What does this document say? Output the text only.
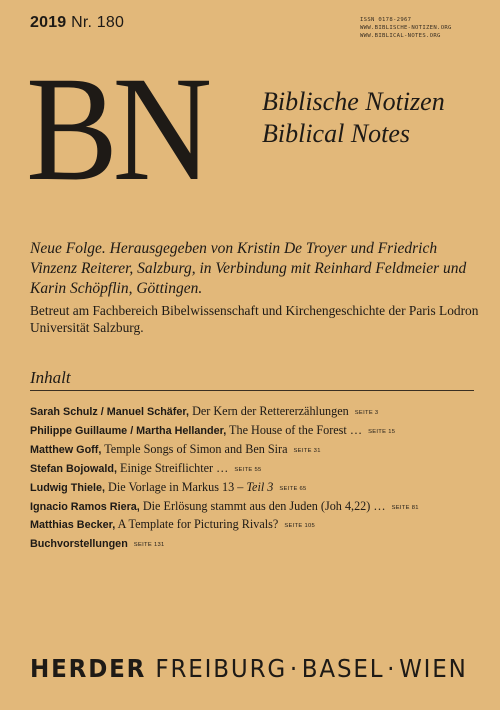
2019 Nr. 180	ISSN 0178-2967
WWW.BIBLISCHE-NOTIZEN.ORG
WWW.BIBLICAL-NOTES.ORG
BN Biblische Notizen
Biblical Notes
Neue Folge. Herausgegeben von Kristin De Troyer und Friedrich Vinzenz Reiterer, Salzburg, in Verbindung mit Reinhard Feldmeier und Karin Schöpflin, Göttingen.
Betreut am Fachbereich Bibelwissenschaft und Kirchengeschichte der Paris Lodron Universität Salzburg.
Inhalt
Sarah Schulz / Manuel Schäfer, Der Kern der Rettererzählungen SEITE 3
Philippe Guillaume / Martha Hellander, The House of the Forest … SEITE 15
Matthew Goff, Temple Songs of Simon and Ben Sira SEITE 31
Stefan Bojowald, Einige Streiflichter … SEITE 55
Ludwig Thiele, Die Vorlage in Markus 13 – Teil 3 SEITE 65
Ignacio Ramos Riera, Die Erlösung stammt aus den Juden (Joh 4,22) … SEITE 81
Matthias Becker, A Template for Picturing Rivals? SEITE 105
Buchvorstellungen SEITE 131
HERDER FREIBURG · BASEL · WIEN
